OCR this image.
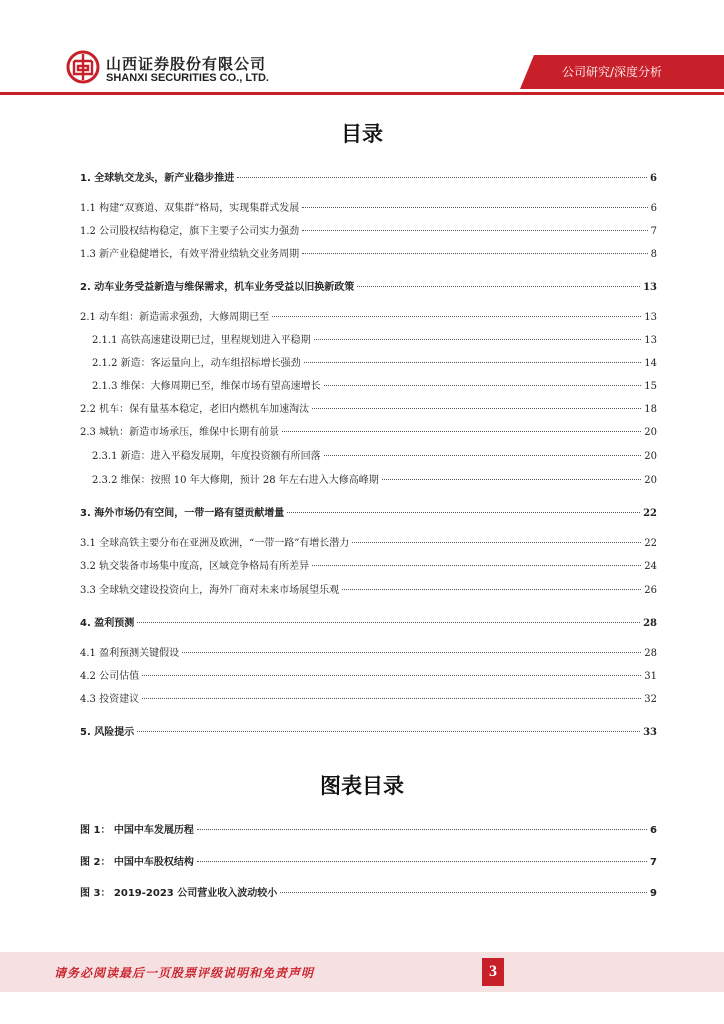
山西证券股份有限公司
SHANXI SECURITIES CO., LTD.	公司研究/深度分析
目录
1. 全球轨交龙头，新产业稳步推进	6
1.1 构建“双赛道、双集群”格局，实现集群式发展	6
1.2 公司股权结构稳定，旗下主要子公司实力强劲	7
1.3 新产业稳健增长，有效平滑业绩轨交业务周期	8
2. 动车业务受益新造与维保需求，机车业务受益以旧换新政策	13
2.1 动车组：新造需求强劲，大修周期已至	13
2.1.1 高铁高速建设期已过，里程规划进入平稳期	13
2.1.2 新造：客运量向上，动车组招标增长强劲	14
2.1.3 维保：大修周期已至，维保市场有望高速增长	15
2.2 机车：保有量基本稳定，老旧内燃机车加速淘汰	18
2.3 城轨：新造市场承压，维保中长期有前景	20
2.3.1 新造：进入平稳发展期，年度投资额有所回落	20
2.3.2 维保：按照 10 年大修期，预计 28 年左右进入大修高峰期	20
3. 海外市场仍有空间，一带一路有望贡献增量	22
3.1 全球高铁主要分布在亚洲及欧洲，“一带一路”有增长潜力	22
3.2 轨交装备市场集中度高，区域竞争格局有所差异	24
3.3 全球轨交建设投资向上，海外厂商对未来市场展望乐观	26
4. 盈利预测	28
4.1 盈利预测关键假设	28
4.2 公司估值	31
4.3 投资建议	32
5. 风险提示	33
图表目录
图 1： 中国中车发展历程	6
图 2： 中国中车股权结构	7
图 3： 2019-2023 公司营业收入波动较小	9
请务必阅读最后一页股票评级说明和免责声明	3
